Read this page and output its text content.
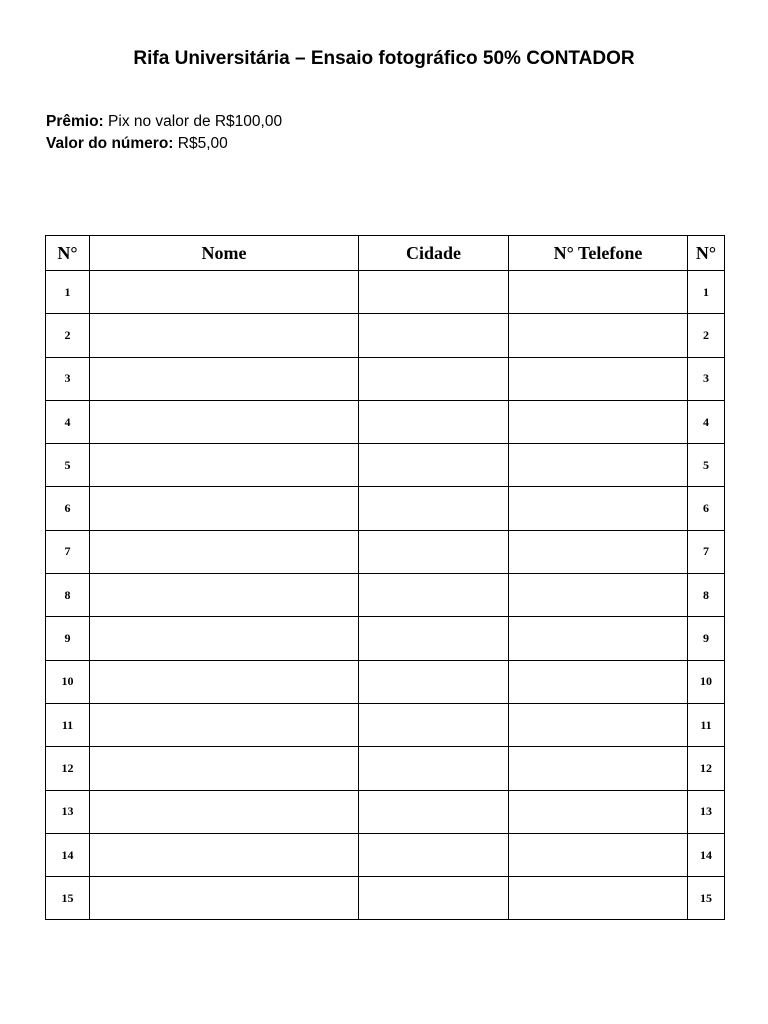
Rifa Universitária – Ensaio fotográfico 50% CONTADOR
Prêmio: Pix no valor de R$100,00
Valor do número: R$5,00
N°	Nome	Cidade	N° Telefone	N°
1				1
2				2
3				3
4				4
5				5
6				6
7				7
8				8
9				9
10				10
11				11
12				12
13				13
14				14
15				15
